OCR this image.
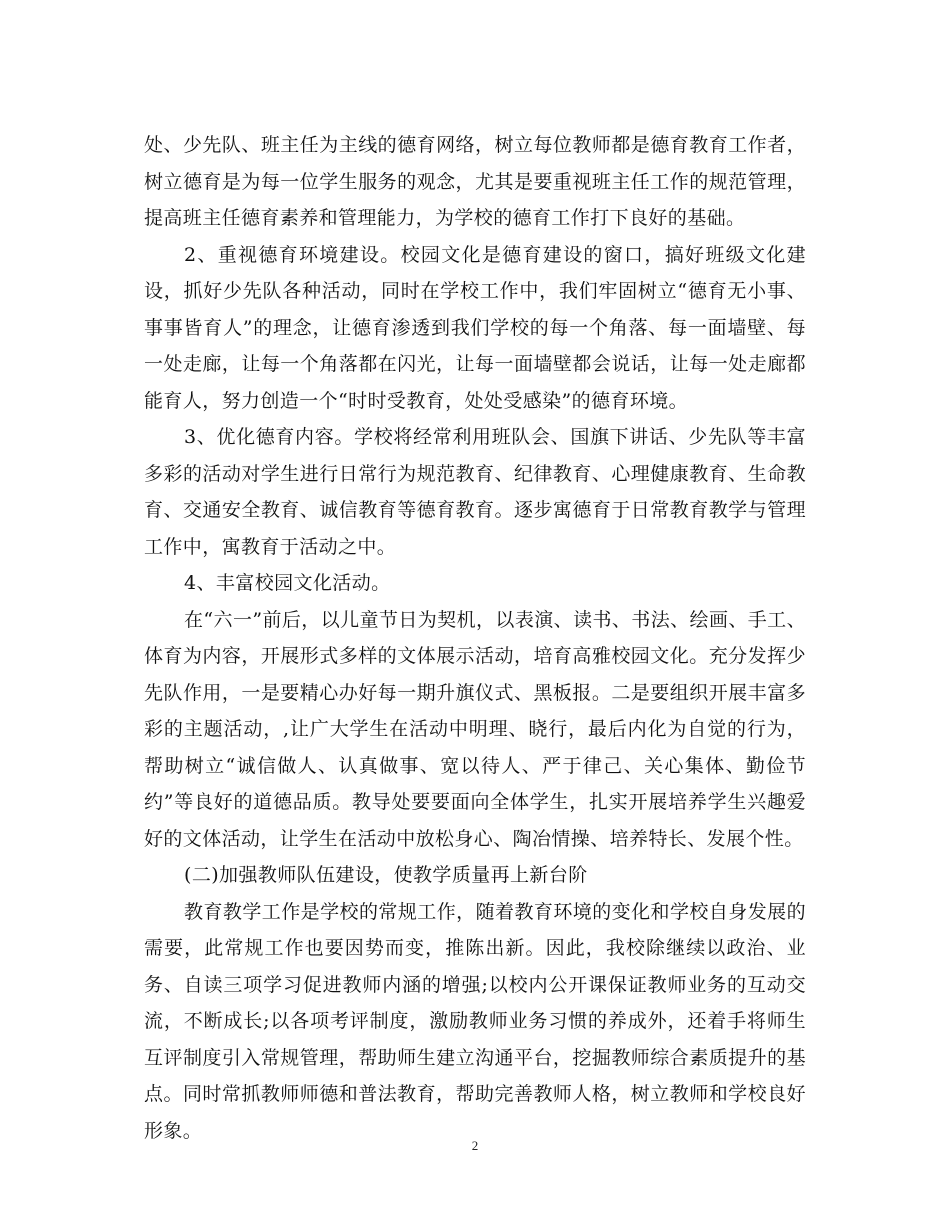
处、少先队、班主任为主线的德育网络，树立每位教师都是德育教育工作者，树立德育是为每一位学生服务的观念，尤其是要重视班主任工作的规范管理，提高班主任德育素养和管理能力，为学校的德育工作打下良好的基础。

2、重视德育环境建设。校园文化是德育建设的窗口，搞好班级文化建设，抓好少先队各种活动，同时在学校工作中，我们牢固树立“德育无小事、事事皆育人”的理念，让德育渗透到我们学校的每一个角落、每一面墙壁、每一处走廊，让每一个角落都在闪光，让每一面墙壁都会说话，让每一处走廊都能育人，努力创造一个“时时受教育，处处受感染”的德育环境。

3、优化德育内容。学校将经常利用班队会、国旗下讲话、少先队等丰富多彩的活动对学生进行日常行为规范教育、纪律教育、心理健康教育、生命教育、交通安全教育、诚信教育等德育教育。逐步寓德育于日常教育教学与管理工作中，寓教育于活动之中。

4、丰富校园文化活动。

在“六一”前后，以儿童节日为契机，以表演、读书、书法、绘画、手工、体育为内容，开展形式多样的文体展示活动，培育高雅校园文化。充分发挥少先队作用，一是要精心办好每一期升旗仪式、黑板报。二是要组织开展丰富多彩的主题活动，,让广大学生在活动中明理、晓行，最后内化为自觉的行为，帮助树立“诚信做人、认真做事、宽以待人、严于律己、关心集体、勤俭节约”等良好的道德品质。教导处要要面向全体学生，扎实开展培养学生兴趣爱好的文体活动，让学生在活动中放松身心、陶冶情操、培养特长、发展个性。

(二)加强教师队伍建设，使教学质量再上新台阶

教育教学工作是学校的常规工作，随着教育环境的变化和学校自身发展的需要，此常规工作也要因势而变，推陈出新。因此，我校除继续以政治、业务、自读三项学习促进教师内涵的增强;以校内公开课保证教师业务的互动交流，不断成长;以各项考评制度，激励教师业务习惯的养成外，还着手将师生互评制度引入常规管理，帮助师生建立沟通平台，挖掘教师综合素质提升的基点。同时常抓教师师德和普法教育，帮助完善教师人格，树立教师和学校良好形象。

2
